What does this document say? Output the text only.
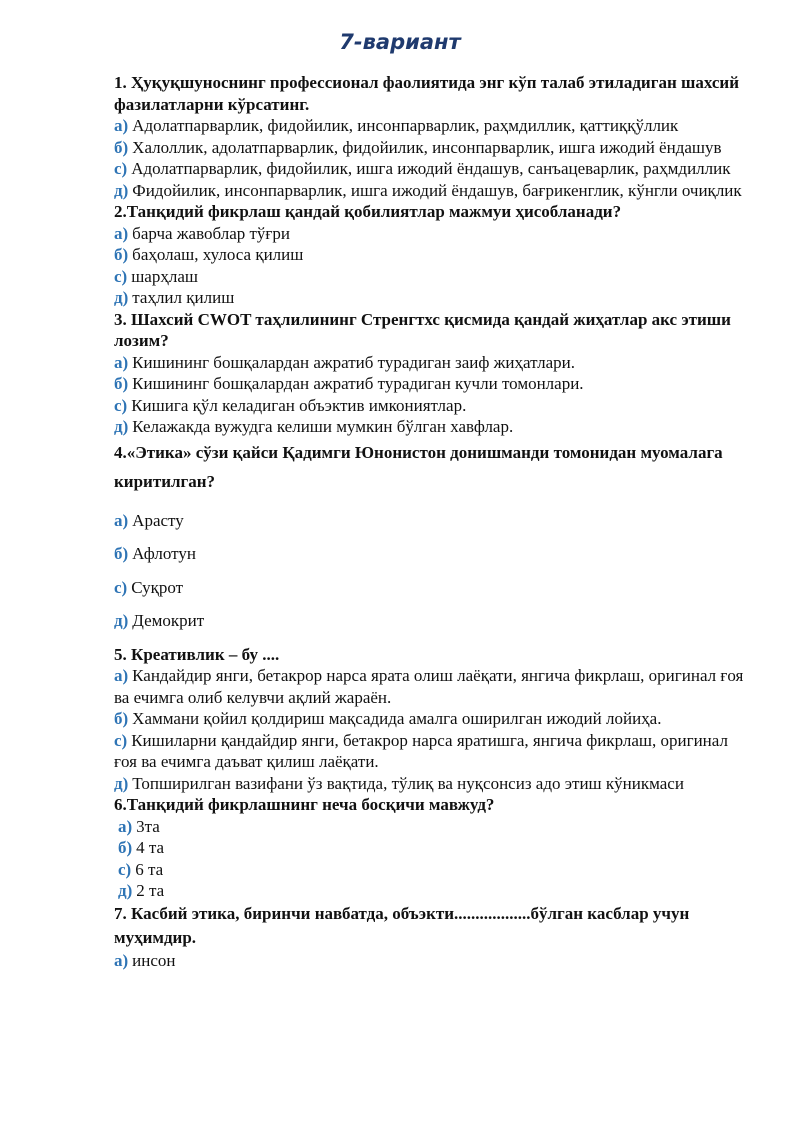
7-вариант

1. Ҳуқуқшуноснинг профессионал фаолиятида энг кўп талаб этиладиган шахсий фазилатларни кўрсатинг.

а) Адолатпарварлик, фидойилик, инсонпарварлик, раҳмдиллик, қаттиққўллик

б) Халоллик, адолатпарварлик, фидойилик, инсонпарварлик, ишга ижодий ёндашув

с) Адолатпарварлик, фидойилик, ишга ижодий ёндашув, санъацеварлик, раҳмдиллик

д) Фидойилик, инсонпарварлик, ишга ижодий ёндашув, бағрикенглик, кўнгли очиқлик

2.Танқидий фикрлаш қандай қобилиятлар мажмуи ҳисобланади?

а) барча жавоблар тўғри

б) баҳолаш, хулоса қилиш

с) шарҳлаш

д) таҳлил қилиш

3. Шахсий CWOT таҳлилининг Стренгтхс қисмида қандай жиҳатлар акс этиши лозим?

а) Кишининг бошқалардан ажратиб турадиган заиф жиҳатлари.

б) Кишининг бошқалардан ажратиб турадиган кучли томонлари.

с) Кишига қўл келадиган объэктив имкониятлар.

д) Келажакда вужудга келиши мумкин бўлган хавфлар.

4.«Этика» сўзи қайси Қадимги Юнонистон донишманди томонидан муомалага киритилган?

а) Арасту

б) Афлотун

с) Суқрот

д) Демокрит

5. Креативлик – бу ....

а) Кандайдир янги, бетакрор нарса ярата олиш лаёқати, янгича фикрлаш, оригинал ғоя ва ечимга олиб келувчи ақлий жараён.

б) Хаммани қойил қолдириш мақсадида амалга оширилган ижодий лойиҳа.

с) Кишиларни қандайдир янги, бетакрор нарса яратишга, янгича фикрлаш, оригинал ғоя ва ечимга даъват қилиш лаёқати.

д) Топширилган вазифани ўз вақтида, тўлиқ ва нуқсонсиз адо этиш кўникмаси

6.Танқидий фикрлашнинг неча босқичи мавжуд?

а) 3та

б) 4 та

с) 6 та

д) 2 та

7. Касбий этика, биринчи навбатда, объэкти..................бўлган касблар учун муҳимдир.

а) инсон
